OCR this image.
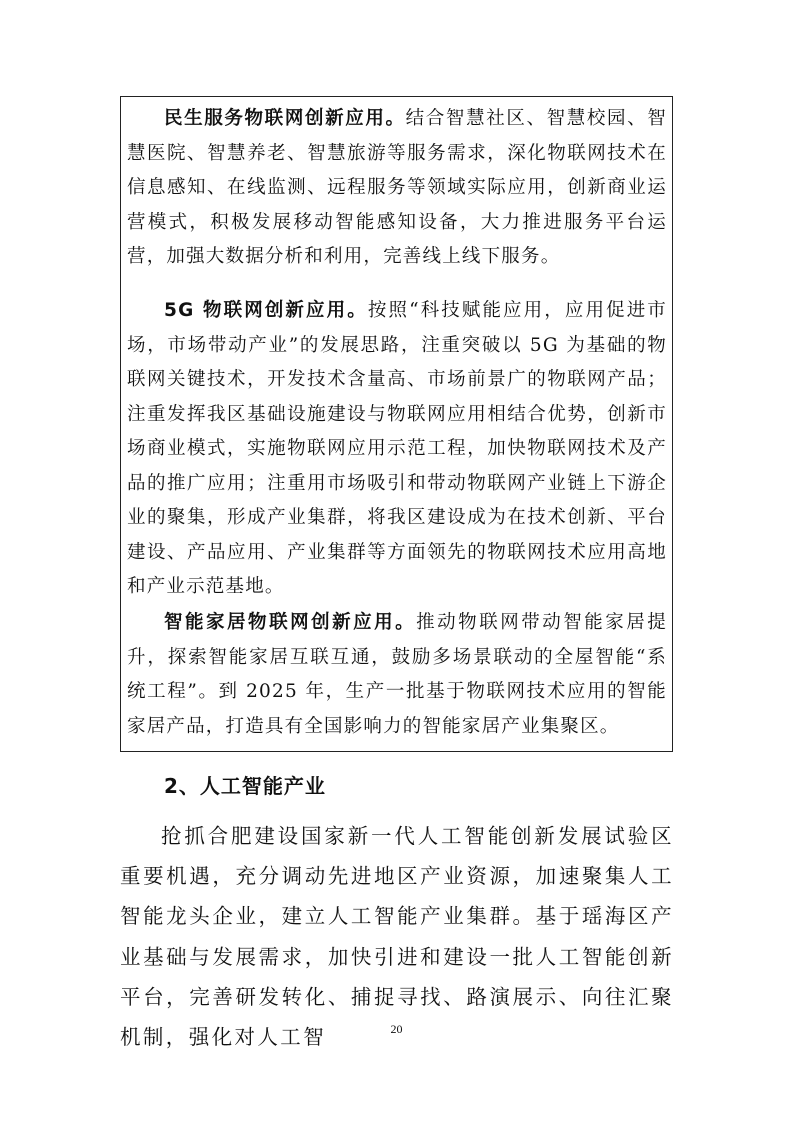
民生服务物联网创新应用。结合智慧社区、智慧校园、智慧医院、智慧养老、智慧旅游等服务需求，深化物联网技术在信息感知、在线监测、远程服务等领域实际应用，创新商业运营模式，积极发展移动智能感知设备，大力推进服务平台运营，加强大数据分析和利用，完善线上线下服务。

5G 物联网创新应用。按照“科技赋能应用，应用促进市场，市场带动产业”的发展思路，注重突破以 5G 为基础的物联网关键技术，开发技术含量高、市场前景广的物联网产品；注重发挥我区基础设施建设与物联网应用相结合优势，创新市场商业模式，实施物联网应用示范工程，加快物联网技术及产品的推广应用；注重用市场吸引和带动物联网产业链上下游企业的聚集，形成产业集群，将我区建设成为在技术创新、平台建设、产品应用、产业集群等方面领先的物联网技术应用高地和产业示范基地。

智能家居物联网创新应用。推动物联网带动智能家居提升，探索智能家居互联互通，鼓励多场景联动的全屋智能“系统工程”。到 2025 年，生产一批基于物联网技术应用的智能家居产品，打造具有全国影响力的智能家居产业集聚区。

2、人工智能产业

抢抓合肥建设国家新一代人工智能创新发展试验区重要机遇，充分调动先进地区产业资源，加速聚集人工智能龙头企业，建立人工智能产业集群。基于瑶海区产业基础与发展需求，加快引进和建设一批人工智能创新平台，完善研发转化、捕捉寻找、路演展示、向往汇聚机制，强化对人工智	20
